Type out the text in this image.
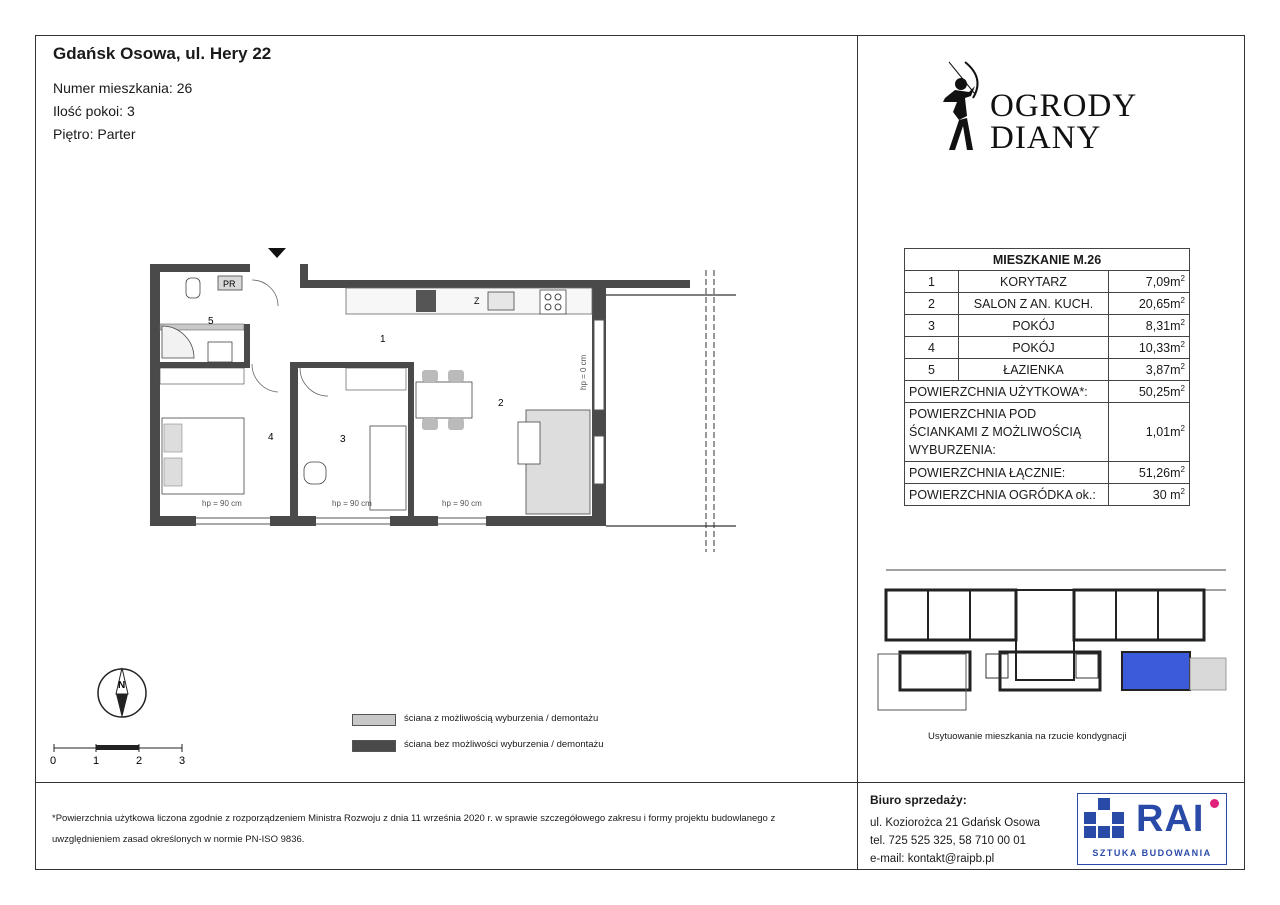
Gdańsk Osowa, ul. Hery 22
Numer mieszkania: 26
Ilość pokoi: 3
Piętro: Parter
OGRODY
DIANY
MIESZKANIE M.26		
1	KORYTARZ	$7,09m^2$
2	SALON Z AN. KUCH.	$20,65m^2$
3	POKÓJ	$8,31m^2$
4	POKÓJ	$10,33m^2$
5	ŁAZIENKA	$3,87m^2$
POWIERZCHNIA UŻYTKOWA*:		$50,25m^2$
POWIERZCHNIA POD ŚCIANKAMI Z MOŻLIWOŚCIĄ WYBURZENIA:		$1,01m^2$
POWIERZCHNIA ŁĄCZNIE:		$51,26m^2$
POWIERZCHNIA OGRÓDKA ok.:		30 $m^2$
PR
Z
1
2
3
4
5
hp = 90 cm	hp = 90 cm	hp = 90 cm
hp = 0 cm
N
0	1	2	3
ściana z możliwością wyburzenia / demontażu
ściana bez możliwości wyburzenia / demontażu
Usytuowanie mieszkania na rzucie kondygnacji
*Powierzchnia użytkowa liczona zgodnie z rozporządzeniem Ministra Rozwoju z dnia 11 września 2020 r. w sprawie szczegółowego zakresu i formy projektu budowlanego z uwzględnieniem zasad określonych w normie PN-ISO 9836.
Biuro sprzedaży:
ul. Koziorożca 21 Gdańsk Osowa
tel. 725 525 325, 58 710 00 01
e-mail: kontakt@raipb.pl
RAI
SZTUKA BUDOWANIA
